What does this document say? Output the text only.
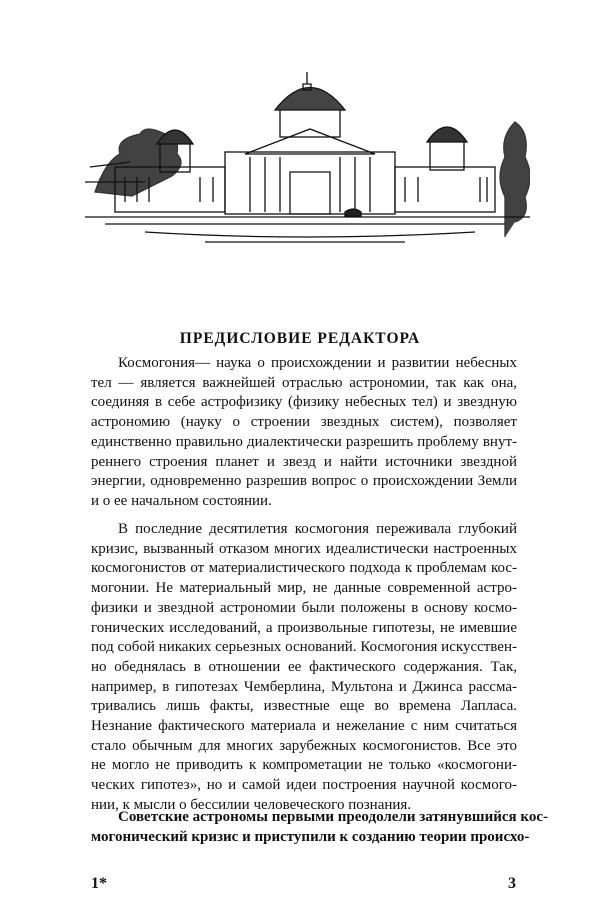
ПРЕДИСЛОВИЕ РЕДАКТОРА
Космогония— наука о происхождении и развитии небесных
тел — является важнейшей отраслью астрономии, так как она,
соединяя в себе астрофизику (физику небесных тел) и звездную
астрономию (науку о строении звездных систем), позволяет
единственно правильно диалектически разрешить проблему внут-
реннего строения планет и звезд и найти источники звездной
энергии, одновременно разрешив вопрос о происхождении Земли
и о ее начальном состоянии.
В последние десятилетия космогония переживала глубокий
кризис, вызванный отказом многих идеалистически настроенных
космогонистов от материалистического подхода к проблемам кос-
могонии. Не материальный мир, не данные современной астро-
физики и звездной астрономии были положены в основу космо-
гонических исследований, а произвольные гипотезы, не имевшие
под собой никаких серьезных оснований. Космогония искусствен-
но обеднялась в отношении ее фактического содержания. Так,
например, в гипотезах Чемберлина, Мультона и Джинса рассма-
тривались лишь факты, известные еще во времена Лапласа.
Незнание фактического материала и нежелание с ним считаться
стало обычным для многих зарубежных космогонистов. Все это
не могло не приводить к компрометации не только «космогони-
ческих гипотез», но и самой идеи построения научной космого-
нии, к мысли о бессилии человеческого познания.
Советские астрономы первыми преодолели затянувшийся кос-
могонический кризис и приступили к созданию теории происхо-
1*	3
